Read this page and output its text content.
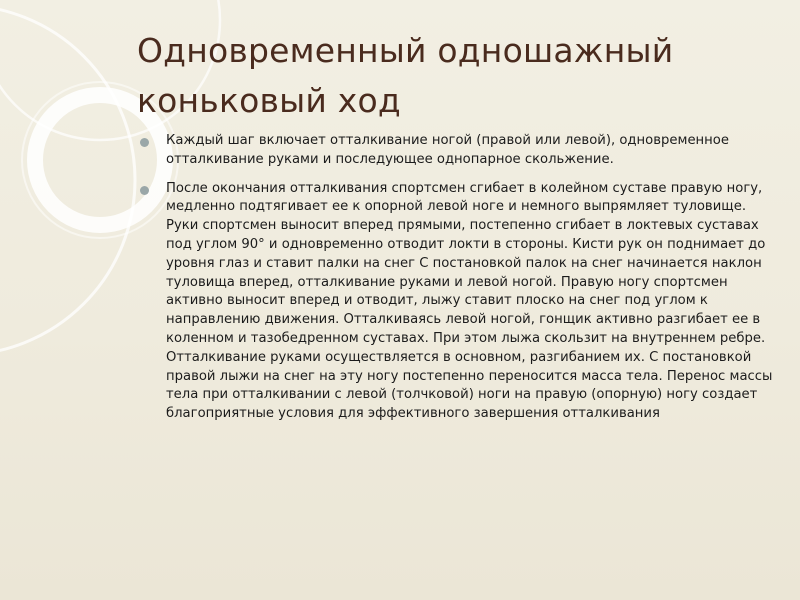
Одновременный одношажный коньковый ход
Каждый шаг включает отталкивание ногой (правой или левой), одновременное отталкивание руками и последующее однопарное скольжение.
После окончания отталкивания спортсмен сгибает в колейном суставе правую ногу, медленно подтягивает ее к опорной левой ноге и немного выпрямляет туловище. Руки спортсмен выносит вперед прямыми, постепенно сгибает в локтевых суставах под углом 90° и одновременно отводит локти в стороны. Кисти рук он поднимает до уровня глаз и ставит палки на снег С постановкой палок на снег начинается наклон туловища вперед, отталкивание руками и левой ногой. Правую ногу спортсмен активно выносит вперед и отводит, лыжу ставит плоско на снег под углом к направлению движения. Отталкиваясь левой ногой, гонщик активно разгибает ее в коленном и тазобедренном суставах. При этом лыжа скользит на внутреннем ребре. Отталкивание руками осуществляется в основном, разгибанием их. С постановкой правой лыжи на снег на эту ногу постепенно переносится масса тела. Перенос массы тела при отталкивании с левой (толчковой) ноги на правую (опорную) ногу создает благоприятные условия для эффективного завершения отталкивания
